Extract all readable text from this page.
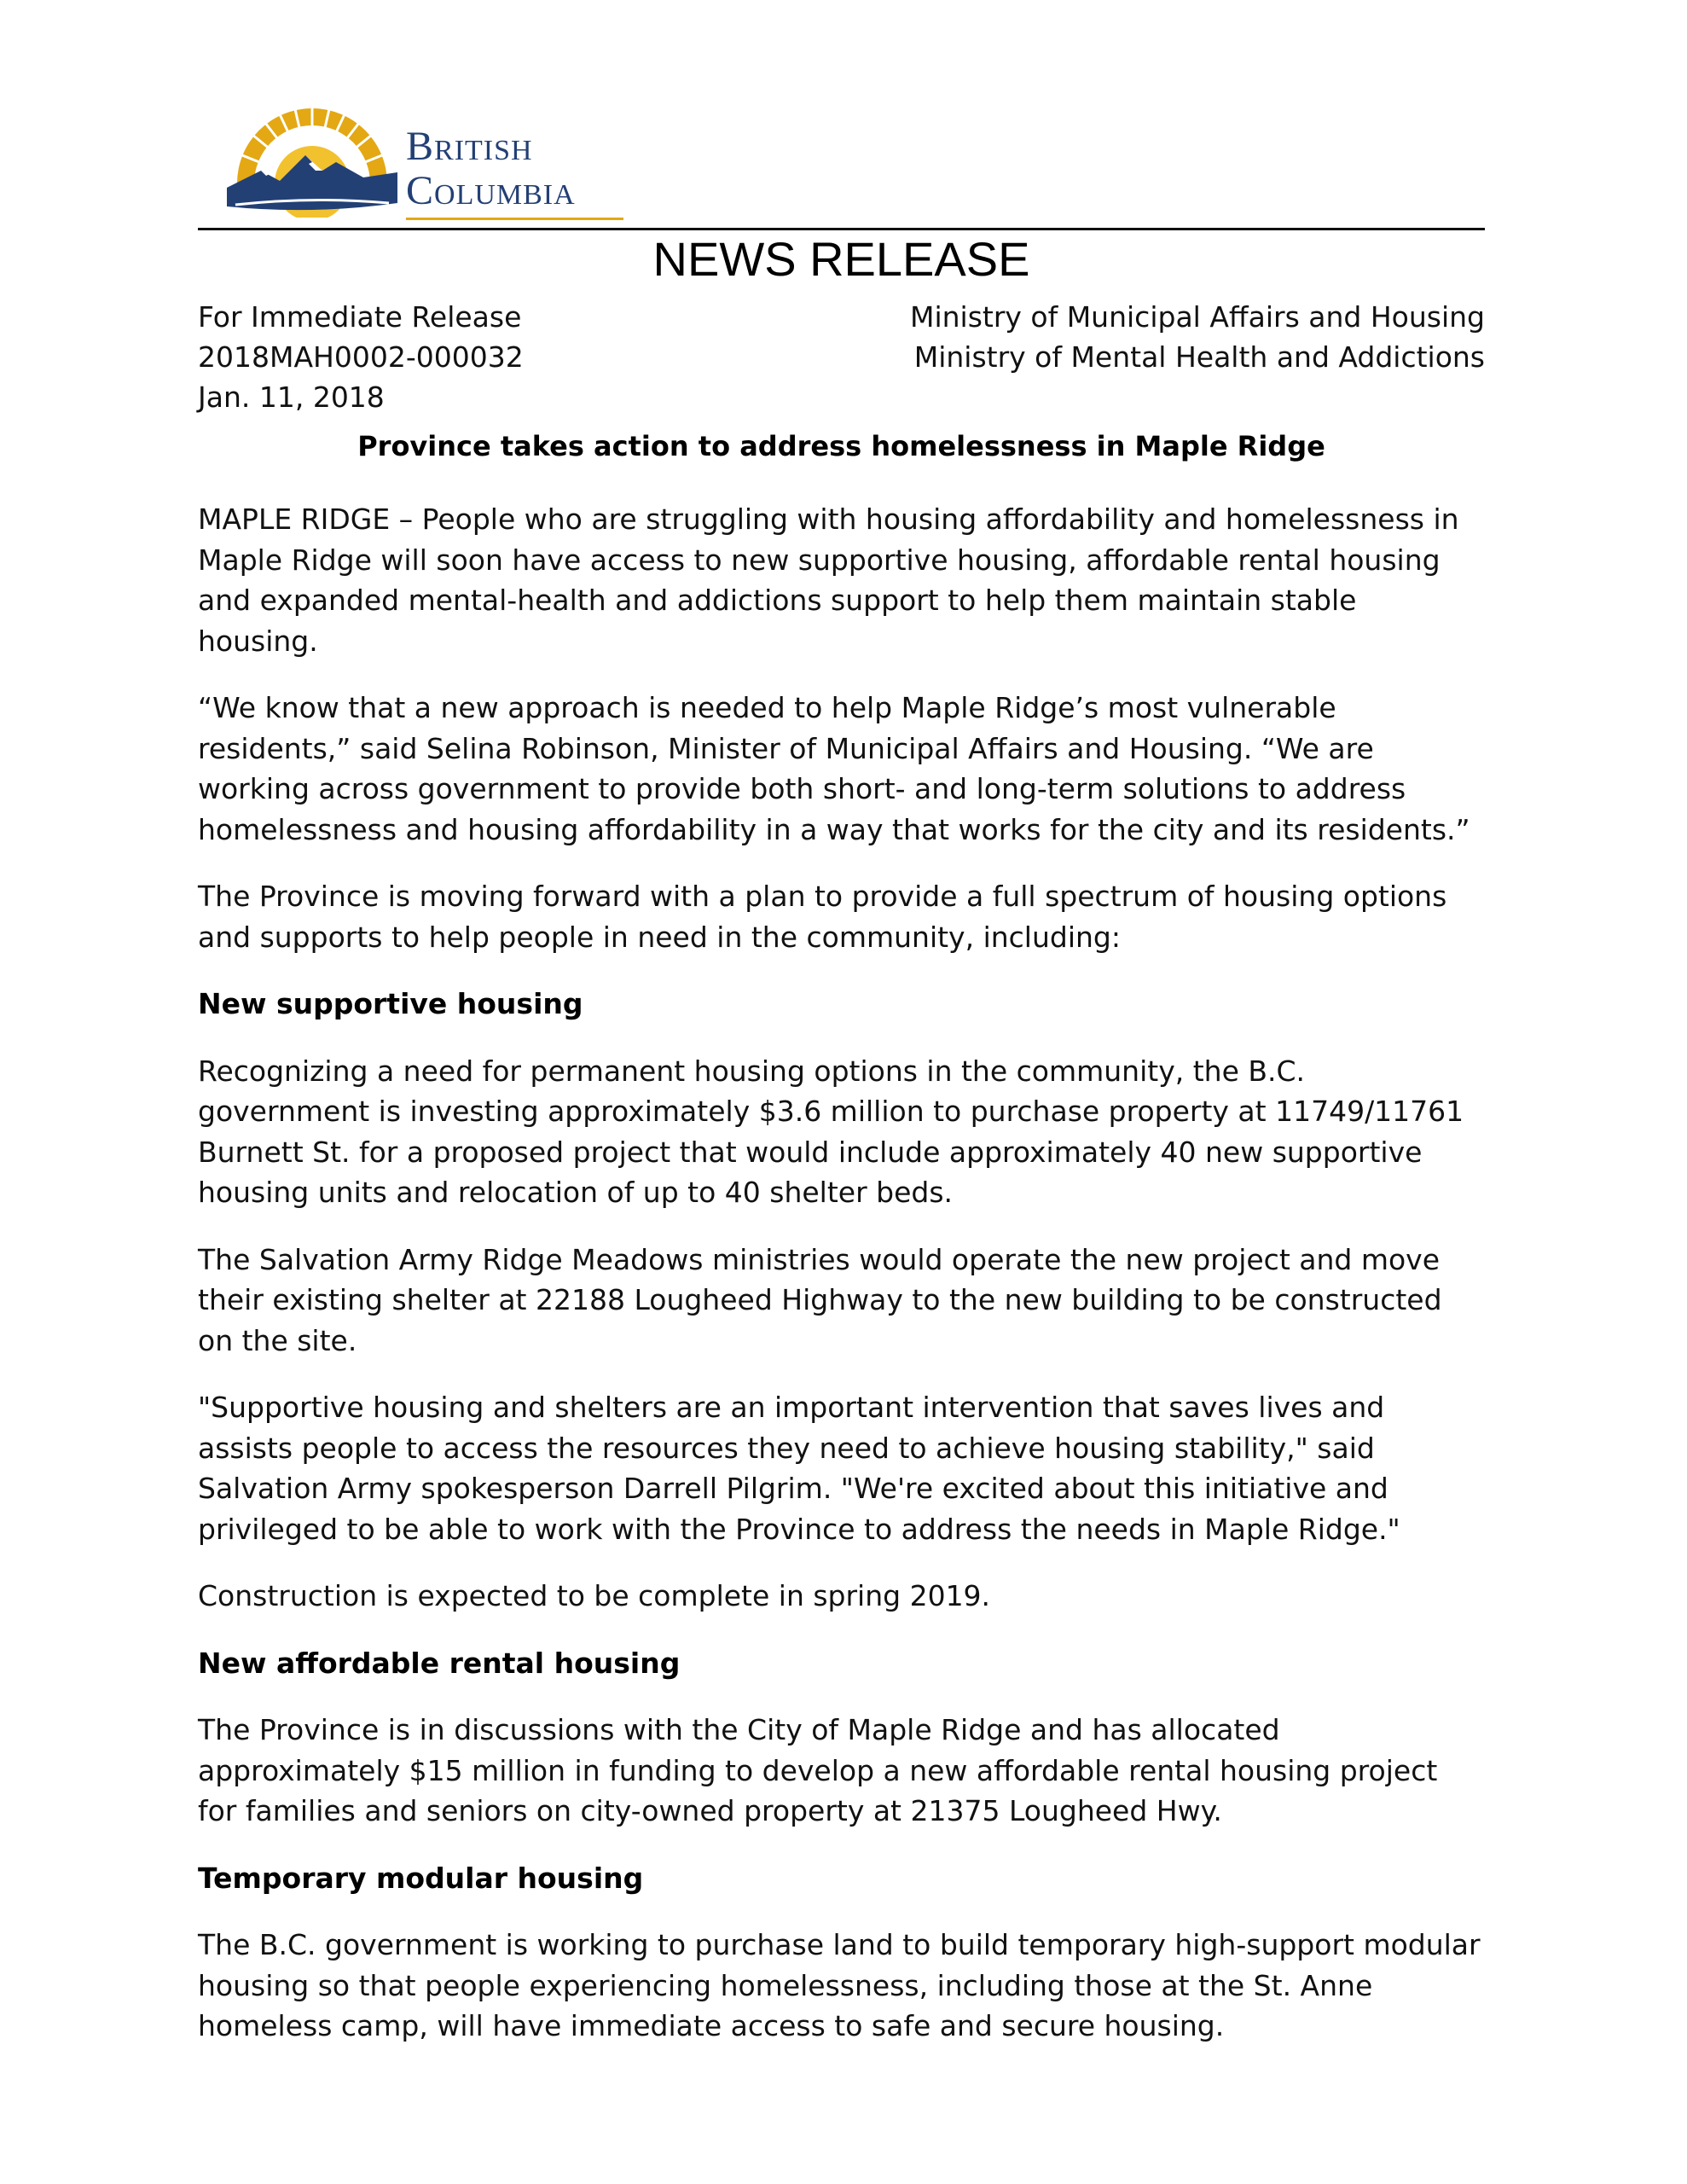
British
Columbia
NEWS RELEASE
For Immediate Release
2018MAH0002-000032
Jan. 11, 2018
Ministry of Municipal Affairs and Housing
Ministry of Mental Health and Addictions
Province takes action to address homelessness in Maple Ridge

MAPLE RIDGE – People who are struggling with housing affordability and homelessness in Maple Ridge will soon have access to new supportive housing, affordable rental housing and expanded mental-health and addictions support to help them maintain stable housing.

“We know that a new approach is needed to help Maple Ridge’s most vulnerable residents,” said Selina Robinson, Minister of Municipal Affairs and Housing. “We are working across government to provide both short- and long-term solutions to address homelessness and housing affordability in a way that works for the city and its residents.”

The Province is moving forward with a plan to provide a full spectrum of housing options and supports to help people in need in the community, including:

New supportive housing

Recognizing a need for permanent housing options in the community, the B.C. government is investing approximately $3.6 million to purchase property at 11749/11761 Burnett St. for a proposed project that would include approximately 40 new supportive housing units and relocation of up to 40 shelter beds.

The Salvation Army Ridge Meadows ministries would operate the new project and move their existing shelter at 22188 Lougheed Highway to the new building to be constructed on the site.

"Supportive housing and shelters are an important intervention that saves lives and assists people to access the resources they need to achieve housing stability," said Salvation Army spokesperson Darrell Pilgrim. "We're excited about this initiative and privileged to be able to work with the Province to address the needs in Maple Ridge."

Construction is expected to be complete in spring 2019.

New affordable rental housing

The Province is in discussions with the City of Maple Ridge and has allocated approximately $15 million in funding to develop a new affordable rental housing project for families and seniors on city-owned property at 21375 Lougheed Hwy.

Temporary modular housing

The B.C. government is working to purchase land to build temporary high-support modular housing so that people experiencing homelessness, including those at the St. Anne homeless camp, will have immediate access to safe and secure housing.
